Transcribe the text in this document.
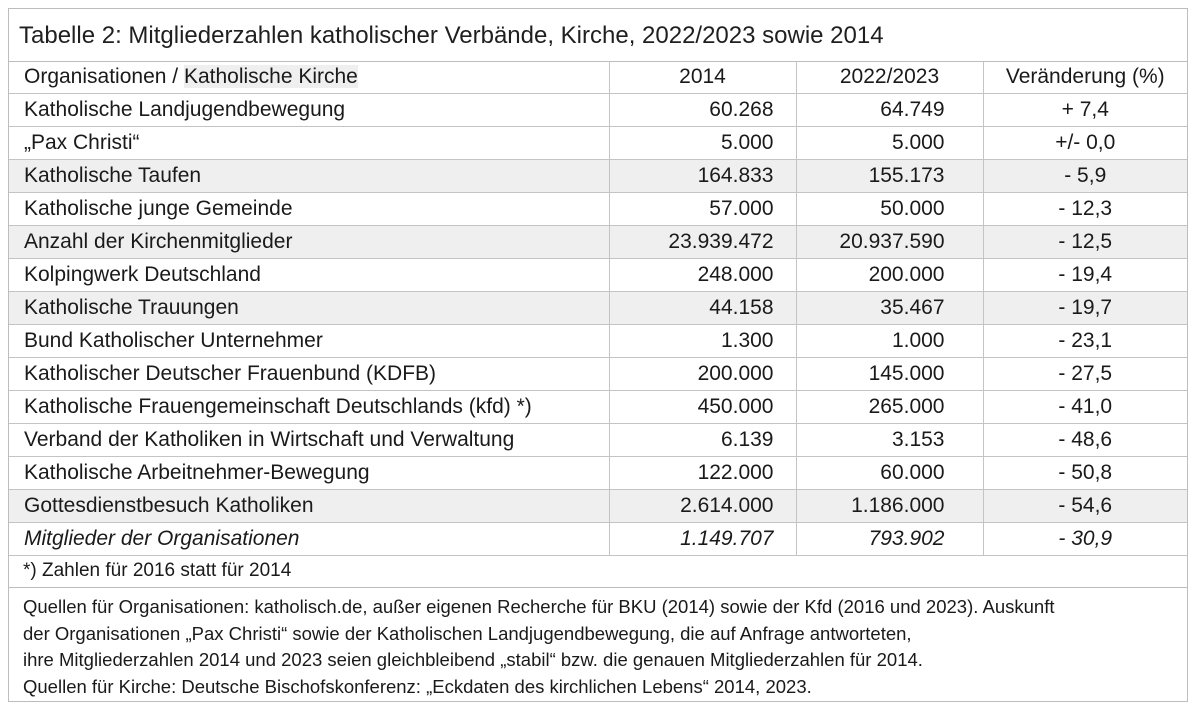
Tabelle 2: Mitgliederzahlen katholischer Verbände, Kirche, 2022/2023 sowie 2014
Organisationen / Katholische Kirche	2014	2022/2023	Veränderung (%)
Katholische Landjugendbewegung	60.268	64.749	+ 7,4
„Pax Christi“	5.000	5.000	+/- 0,0
Katholische Taufen	164.833	155.173	- 5,9
Katholische junge Gemeinde	57.000	50.000	- 12,3
Anzahl der Kirchenmitglieder	23.939.472	20.937.590	- 12,5
Kolpingwerk Deutschland	248.000	200.000	- 19,4
Katholische Trauungen	44.158	35.467	- 19,7
Bund Katholischer Unternehmer	1.300	1.000	- 23,1
Katholischer Deutscher Frauenbund (KDFB)	200.000	145.000	- 27,5
Katholische Frauengemeinschaft Deutschlands (kfd) *)	450.000	265.000	- 41,0
Verband der Katholiken in Wirtschaft und Verwaltung	6.139	3.153	- 48,6
Katholische Arbeitnehmer-Bewegung	122.000	60.000	- 50,8
Gottesdienstbesuch Katholiken	2.614.000	1.186.000	- 54,6
Mitglieder der Organisationen	1.149.707	793.902	- 30,9
*) Zahlen für 2016 statt für 2014
Quellen für Organisationen: katholisch.de, außer eigenen Recherche für BKU (2014) sowie der Kfd (2016 und 2023). Auskunft
der Organisationen „Pax Christi“ sowie der Katholischen Landjugendbewegung, die auf Anfrage antworteten,
ihre Mitgliederzahlen 2014 und 2023 seien gleichbleibend „stabil“ bzw. die genauen Mitgliederzahlen für 2014.
Quellen für Kirche: Deutsche Bischofskonferenz: „Eckdaten des kirchlichen Lebens“ 2014, 2023.
